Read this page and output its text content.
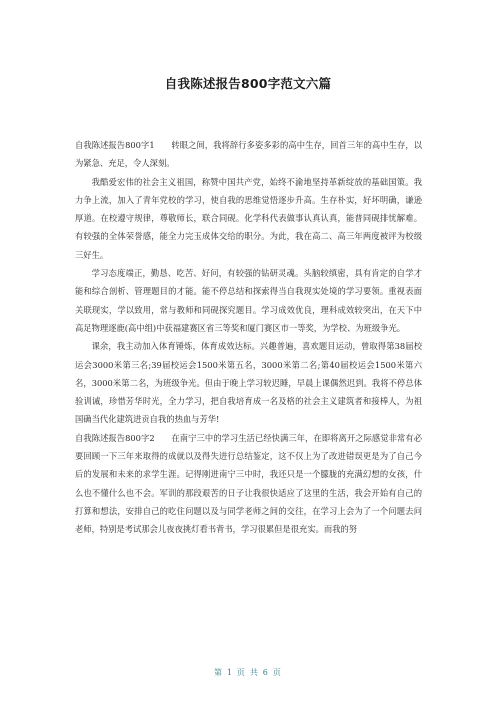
自我陈述报告800字范文六篇

自我陈述报告800字1　　转眼之间，我将辞行多姿多彩的高中生存，回首三年的高中生存，以为紧急、充足，令人深刻。

我酷爱宏伟的社会主义祖国，称赞中国共产党，始终不渝地坚持革新绽放的基础国策。我力争上流，加入了青年党校的学习，使自我的思维觉悟逐步升高。生存朴实，好坏明确，谦逊厚道。在校遵守规律，尊敬师长，联合同砚。化学科代表做事认真认真，能普同砚排忧解难。有较强的全体荣誉感，能全力完玉成体交给的职分。为此，我在高二、高三年两度被评为校级三好生。

学习态度端正，勤恳、吃苦、好问，有较强的钻研灵魂。头脑较缜密，具有肯定的自学才能和综合剖析、管理题目的才能。能不停总结和探索得当自我现实处境的学习要领。重视表面关联现实，学以致用，常与教师和同砚探究题目。学习成效优良，理科成效较突出，在天下中高足物理逐鹿(高中组)中获福建赛区省三等奖和厦门赛区市一等奖，为学校、为班级争光。

课余，我主动加入体育锤炼，体育成效达标。兴趣普遍，喜欢题目运动，曾取得第38届校运会3000米第三名;39届校运会1500米第五名，3000米第二名;第40届校运会1500米第六名，3000米第二名，为班级争光。但由于晚上学习较迟睡，早晨上课偶然迟到。我将不停总体验训诫，珍惜芳华时光，全力学习，把自我培育成一名及格的社会主义建筑者和接棒人，为祖国确当代化建筑进贡自我的热血与芳华!

自我陈述报告800字2　　在南宁三中的学习生活已经快满三年，在即将离开之际感觉非常有必要回顾一下三年来取得的成就以及得失进行总结鉴定，这不仅上为了改进错误更是为了自己今后的发展和未来的求学生涯。记得刚进南宁三中时，我还只是一个朦胧的充满幻想的女孩，什么也不懂什么也不会。军训的那段艰苦的日子让我很快适应了这里的生活，我会开始有自己的打算和想法，安排自己的吃住问题以及与同学老师之间的交往，在学习上会为了一个问题去问老师，特别是考试那会儿夜夜挑灯看书背书，学习很累但是很充实。而我的努

第 1 页 共 6 页
